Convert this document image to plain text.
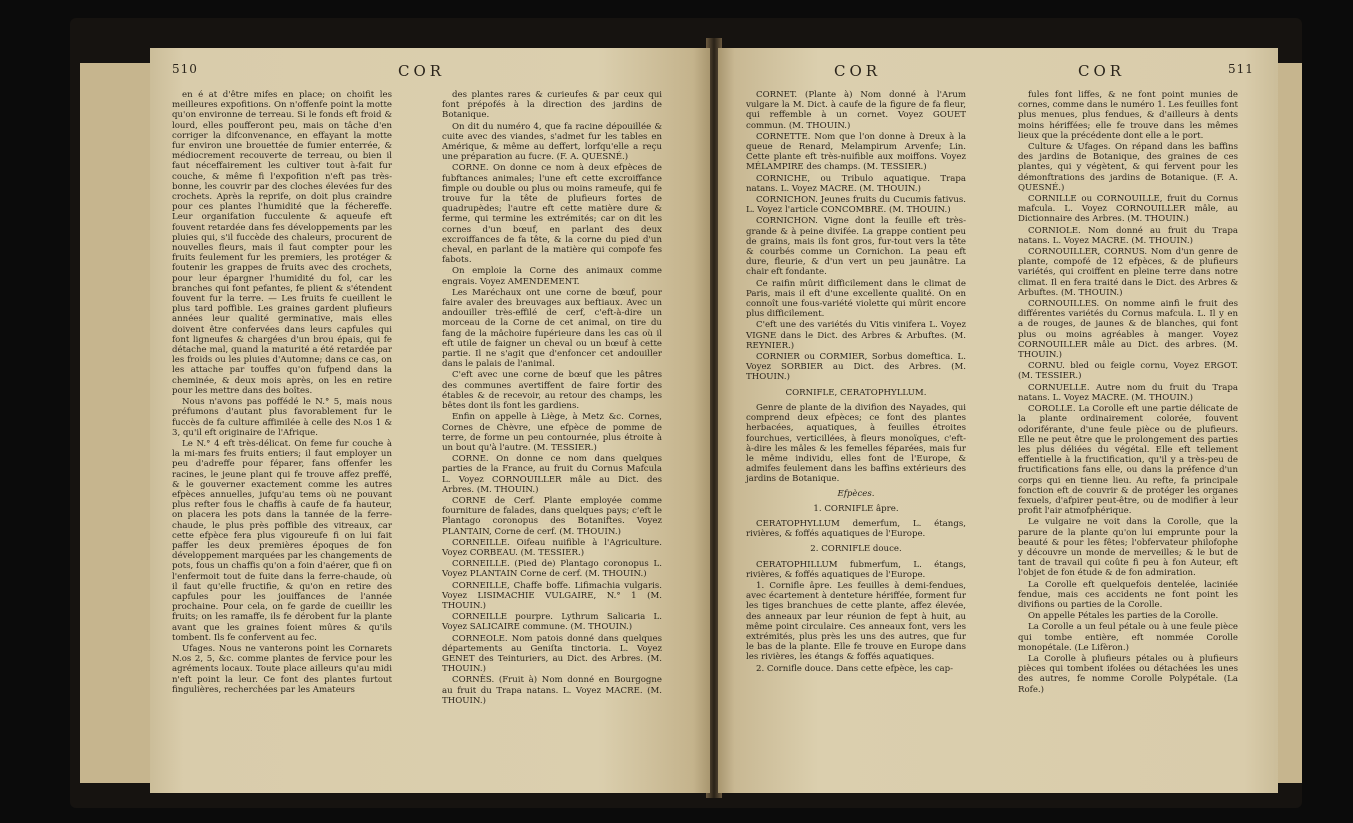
510	COR

en é at d'être mifes en place; on choifit les meilleures expofitions. On n'offenfe point la motte qu'on environne de terreau. Si le fonds eft froid & lourd, elles poufferont peu, mais on tâche d'en corriger la difconvenance, en effayant la motte fur environ une brouettée de fumier enterrée, & médiocrement recouverte de terreau, ou bien il faut néceffairement les cultiver tout à-fait fur couche, & même fi l'expofition n'eft pas très-bonne, les couvrir par des cloches élevées fur des crochets. Après la reprife, on doit plus craindre pour ces plantes l'humidité que la féchereffe. Leur organifation fucculente & aqueufe eft fouvent retardée dans fes développements par les pluies qui, s'il fuccède des chaleurs, procurent de nouvelles fleurs, mais il faut compter pour les fruits feulement fur les premiers, les protéger & foutenir les grappes de fruits avec des crochets, pour leur épargner l'humidité du fol, car les branches qui font pefantes, fe plient & s'étendent fouvent fur la terre. — Les fruits fe cueillent le plus tard poffible. Les graines gardent plufieurs années leur qualité germinative, mais elles doivent être confervées dans leurs capfules qui font ligneufes & chargées d'un brou épais, qui fe détache mal, quand la maturité a été retardée par les froids ou les pluies d'Automne; dans ce cas, on les attache par touffes qu'on fufpend dans la cheminée, & deux mois après, on les en retire pour les mettre dans des boîtes.

Nous n'avons pas poffédé le N.° 5, mais nous préfumons d'autant plus favorablement fur le fuccès de fa culture affimilée à celle des N.os 1 & 3, qu'il eft originaire de l'Afrique.

Le N.° 4 eft très-délicat. On feme fur couche à la mi-mars fes fruits entiers; il faut employer un peu d'adreffe pour féparer, fans offenfer les racines, le jeune plant qui fe trouve affez preffé, & le gouverner exactement comme les autres efpèces annuelles, jufqu'au tems où ne pouvant plus refter fous le chaffis à caufe de fa hauteur, on placera les pots dans la tannée de la ferre-chaude, le plus près poffible des vitreaux, car cette efpèce fera plus vigoureufe fi on lui fait paffer les deux premières époques de fon développement marquées par les changements de pots, fous un chaffis qu'on a foin d'aérer, que fi on l'enfermoit tout de fuite dans la ferre-chaude, où il faut qu'elle fructifie, & qu'on en retire des capfules pour les jouiffances de l'année prochaine. Pour cela, on fe garde de cueillir les fruits; on les ramaffe, ils fe dérobent fur la plante avant que les graines foient mûres & qu'ils tombent. Ils fe confervent au fec.

Ufages. Nous ne vanterons point les Cornarets N.os 2, 5, &c. comme plantes de fervice pour les agréments locaux. Toute place ailleurs qu'au midi n'eft point la leur. Ce font des plantes furtout fingulières, recherchées par les Amateurs

des plantes rares & curieufes & par ceux qui font prépofés à la direction des jardins de Botanique.

On dit du numéro 4, que fa racine dépouillée & cuite avec des viandes, s'admet fur les tables en Amérique, & même au deffert, lorfqu'elle a reçu une préparation au fucre. (F. A. QUESNÉ.)

CORNE. On donne ce nom à deux efpèces de fubftances animales; l'une eft cette excroiffance fimple ou double ou plus ou moins rameufe, qui fe trouve fur la tête de plufieurs fortes de quadrupèdes; l'autre eft cette matière dure & ferme, qui termine les extrémités; car on dit les cornes d'un bœuf, en parlant des deux excroiffances de fa tête, & la corne du pied d'un cheval, en parlant de la matière qui compofe fes fabots.

On emploie la Corne des animaux comme engrais. Voyez AMENDEMENT.

Les Maréchaux ont une corne de bœuf, pour faire avaler des breuvages aux beftiaux. Avec un andouiller très-effilé de cerf, c'eft-à-dire un morceau de la Corne de cet animal, on tire du fang de la mâchoire fupérieure dans les cas où il eft utile de faigner un cheval ou un bœuf à cette partie. Il ne s'agit que d'enfoncer cet andouiller dans le palais de l'animal.

C'eft avec une corne de bœuf que les pâtres des communes avertiffent de faire fortir des étables & de recevoir, au retour des champs, les bêtes dont ils font les gardiens.

Enfin on appelle à Liège, à Metz &c. Cornes, Cornes de Chèvre, une efpèce de pomme de terre, de forme un peu contournée, plus étroite à un bout qu'à l'autre. (M. TESSIER.)

CORNE. On donne ce nom dans quelques parties de la France, au fruit du Cornus Mafcula L. Voyez CORNOUILLER mâle au Dict. des Arbres. (M. THOUIN.)

CORNE de Cerf. Plante employée comme fourniture de falades, dans quelques pays; c'eft le Plantago coronopus des Botaniftes. Voyez PLANTAIN, Corne de cerf. (M. THOUIN.)

CORNEILLE. Oifeau nuifible à l'Agriculture. Voyez CORBEAU. (M. TESSIER.)

CORNEILLE. (Pied de) Plantago coronopus L. Voyez PLANTAIN Corne de cerf. (M. THOUIN.)

CORNEILLE, Chaffe boffe. Lifimachia vulgaris. Voyez LISIMACHIE VULGAIRE, N.° 1 (M. THOUIN.)

CORNEILLE pourpre. Lythrum Salicaria L. Voyez SALICAIRE commune. (M. THOUIN.)

CORNEOLE. Nom patois donné dans quelques départements au Geniſta tinctoria. L. Voyez GENET des Teinturiers, au Dict. des Arbres. (M. THOUIN.)

CORNÈS. (Fruit à) Nom donné en Bourgogne au fruit du Trapa natans. L. Voyez MACRE. (M. THOUIN.)

COR	COR	511

CORNET. (Plante à) Nom donné à l'Arum vulgare la M. Dict. à caufe de la figure de fa fleur, qui reffemble à un cornet. Voyez GOUET commun. (M. THOUIN.)

CORNETTE. Nom que l'on donne à Dreux à la queue de Renard, Melampirum Arvenfe; Lin. Cette plante eft très-nuifible aux moiffons. Voyez MÉLAMPIRE des champs. (M. TESSIER.)

CORNICHE, ou Tribulo aquatique. Trapa natans. L. Voyez MACRE. (M. THOUIN.)

CORNICHON. Jeunes fruits du Cucumis fativus. L. Voyez l'article CONCOMBRE. (M. THOUIN.)

CORNICHON. Vigne dont la feuille eft très-grande & à peine divifée. La grappe contient peu de grains, mais ils font gros, fur-tout vers la tête & courbés comme un Cornichon. La peau eft dure, fleurie, & d'un vert un peu jaunâtre. La chair eft fondante.

Ce raifin mûrit difficilement dans le climat de Paris, mais il eft d'une excellente qualité. On en connoît une fous-variété violette qui mûrit encore plus difficilement.

C'eft une des variétés du Vitis vinifera L. Voyez VIGNE dans le Dict. des Arbres & Arbuftes. (M. REYNIER.)

CORNIER ou CORMIER, Sorbus domeftica. L. Voyez SORBIER au Dict. des Arbres. (M. THOUIN.)

CORNIFLE, CERATOPHYLLUM.

Genre de plante de la divifion des Nayades, qui comprend deux efpèces; ce font des plantes herbacées, aquatiques, à feuilles étroites fourchues, verticillées, à fleurs monoïques, c'eft-à-dire les mâles & les femelles féparées, mais fur le même individu, elles font de l'Europe, & admifes feulement dans les baffins extérieurs des jardins de Botanique.

Efpèces.

1. CORNIFLE âpre.

CERATOPHYLLUM demerfum, L. étangs, rivières, & foffés aquatiques de l'Europe.

2. CORNIFLE douce.

CERATOPHILLUM fubmerfum, L. étangs, rivières, & foffés aquatiques de l'Europe.

1. Cornifle âpre. Les feuilles à demi-fendues, avec écartement à denteture hériffée, forment fur les tiges branchues de cette plante, affez élevée, des anneaux par leur réunion de fept à huit, au même point circulaire. Ces anneaux font, vers les extrémités, plus près les uns des autres, que fur le bas de la plante. Elle fe trouve en Europe dans les rivières, les étangs & foffés aquatiques.

2. Cornifle douce. Dans cette efpèce, les cap-

fules font liffes, & ne font point munies de cornes, comme dans le numéro 1. Les feuilles font plus menues, plus fendues, & d'ailleurs à dents moins hériffées; elle fe trouve dans les mêmes lieux que la précédente dont elle a le port.

Culture & Ufages. On répand dans les baffins des jardins de Botanique, des graines de ces plantes, qui y végètent, & qui fervent pour les démonftrations des jardins de Botanique. (F. A. QUESNÉ.)

CORNILLE ou CORNOUILLE, fruit du Cornus mafcula. L. Voyez CORNOUILLER mâle, au Dictionnaire des Arbres. (M. THOUIN.)

CORNIOLE. Nom donné au fruit du Trapa natans. L. Voyez MACRE. (M. THOUIN.)

CORNOUILLER, CORNUS. Nom d'un genre de plante, compofé de 12 efpèces, & de plufieurs variétés, qui croiffent en pleine terre dans notre climat. Il en fera traité dans le Dict. des Arbres & Arbuftes. (M. THOUIN.)

CORNOUILLES. On nomme ainfi le fruit des différentes variétés du Cornus mafcula. L. Il y en a de rouges, de jaunes & de blanches, qui font plus ou moins agréables à manger. Voyez CORNOUILLER mâle au Dict. des arbres. (M. THOUIN.)

CORNU. bled ou feigle cornu, Voyez ERGOT. (M. TESSIER.)

CORNUELLE. Autre nom du fruit du Trapa natans. L. Voyez MACRE. (M. THOUIN.)

COROLLE. La Corolle eft une partie délicate de la plante ordinairement colorée, fouvent odoriférante, d'une feule pièce ou de plufieurs. Elle ne peut être que le prolongement des parties les plus déliées du végétal. Elle eft tellement effentielle à la fructification, qu'il y a très-peu de fructifications fans elle, ou dans la préfence d'un corps qui en tienne lieu. Au refte, fa principale fonction eft de couvrir & de protéger les organes fexuels, d'afpirer peut-être, ou de modifier à leur profit l'air atmofphérique.

Le vulgaire ne voit dans la Corolle, que la parure de la plante qu'on lui emprunte pour la beauté & pour les fêtes; l'obfervateur philofophe y découvre un monde de merveilles; & le but de tant de travail qui coûte fi peu à fon Auteur, eft l'objet de fon étude & de fon admiration.

La Corolle eft quelquefois dentelée, laciniée fendue, mais ces accidents ne font point les divifions ou parties de la Corolle.

On appelle Pétales les parties de la Corolle.

La Corolle a un feul pétale ou à une feule pièce qui tombe entière, eft nommée Corolle monopétale. (Le Lifèron.)

La Corolle à plufieurs pétales ou à plufieurs pièces qui tombent ifolées ou détachées les unes des autres, fe nomme Corolle Polypétale. (La Rofe.)
